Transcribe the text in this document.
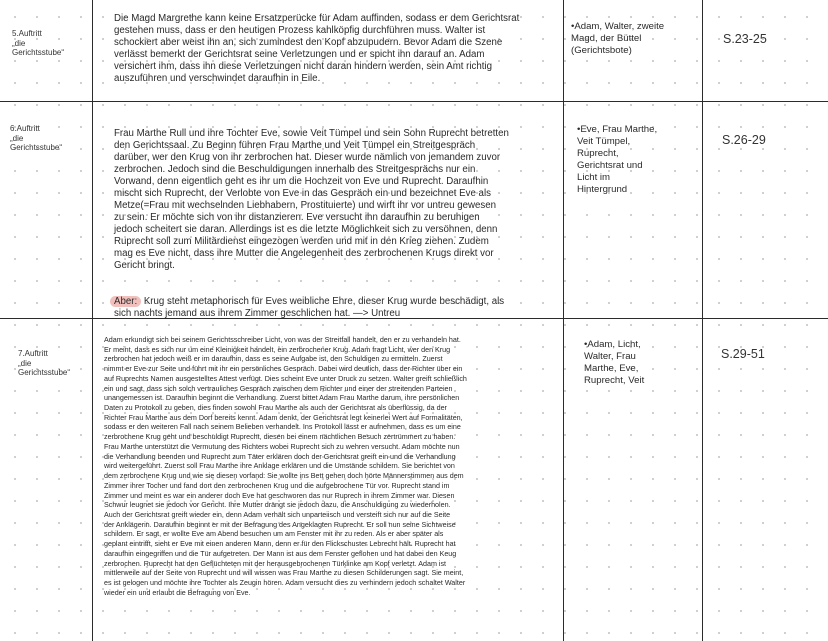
5.Auftritt
„die
Gerichtsstube“
Die Magd Margrethe kann keine Ersatzperücke für Adam auffinden, sodass er dem Gerichtsrat
gestehen muss, dass er den heutigen Prozess kahlköpfig durchführen muss. Walter ist
schockiert aber weist ihn an, sich zumindest den Kopf abzupudern. Bevor Adam die Szene
verlässt bemerkt der Gerichtsrat seine Verletzungen und er spicht ihn darauf an. Adam
versichert ihm, dass ihn diese Verletzungen nicht daran hindern werden, sein Amt richtig
auszuführen und verschwindet daraufhin in Eile.
•Adam, Walter, zweite
Magd, der Büttel
(Gerichtsbote)
S.23-25
6.Auftritt
„die
Gerichtsstube“

Frau Marthe Rull und ihre Tochter Eve, sowie Veit Tümpel und sein Sohn Ruprecht betretten
den Gerichtssaal. Zu Beginn führen Frau Marthe und Veit Tümpel ein Streitgespräch
darüber, wer den Krug von ihr zerbrochen hat. Dieser wurde nämlich von jemandem zuvor
zerbrochen. Jedoch sind die Beschuldigungen innerhalb des Streitgesprächs nur ein
Vorwand, denn eigentlich geht es ihr um die Hochzeit von Eve und Ruprecht. Daraufhin
mischt sich Ruprecht, der Verlobte von Eve in das Gespräch ein und bezeichnet Eve als
Metze(=Frau mit wechselnden Liebhabern, Prostituierte) und wirft ihr vor untreu gewesen
zu sein. Er möchte sich von ihr distanzieren. Eve versucht ihn daraufhin zu beruhigen
jedoch scheitert sie daran. Allerdings ist es die letzte Möglichkeit sich zu versöhnen, denn
Ruprecht soll zum Militärdienst eingezogen werden und mit in den Krieg ziehen. Zudem
mag es Eve nicht, dass ihre Mutter die Angelegenheit des zerbrochenen Krugs direkt vor
Gericht bringt.

Aber: Krug steht metaphorisch für Eves weibliche Ehre, dieser Krug wurde beschädigt, als
sich nachts jemand aus ihrem Zimmer geschlichen hat. —> Untreu

•Eve, Frau Marthe,
Veit Tümpel,
Ruprecht,
Gerichtsrat und
Licht im
Hintergrund
S.26-29
7.Auftritt
„die
Gerichtsstube“
Adam erkundigt sich bei seinem Gerichtsschreiber Licht, von was der Streitfall handelt, den er zu verhandeln hat.
Er meint, dass es sich nur um eine Kleinigkeit handelt, ein zerbrochener Krug. Adam fragt Licht, wer den Krug
zerbrochen hat jedoch weiß er im daraufhin, dass es seine Aufgabe ist, den Schuldigen zu ermitteln. Zuerst
nimmt er Eve zur Seite und führt mit ihr ein persönliches Gespräch. Dabei wird deutlich, dass der Richter über ein
auf Ruprechts Namen ausgestelltes Attest verfügt. Dies scheint Eve unter Druck zu setzen. Walter greift schließlich
ein und sagt, dass sich solch vertrauliches Gespräch zwischen dem Richter und einer der streitenden Parteien
unangemessen ist. Daraufhin beginnt die Verhandlung. Zuerst bittet Adam Frau Marthe darum, ihre persönlichen
Daten zu Protokoll zu geben, dies finden sowohl Frau Marthe als auch der Gerichtsrat als überflüssig, da der
Richter Frau Marthe aus dem Dorf bereits kennt. Adam denkt, der Gerichtsrat legt keinerlei Wert auf Formalitäten,
sodass er den weiteren Fall nach seinem Belieben verhandelt. Ins Protokoll lässt er aufnehmen, dass es um eine
zerbrochene Krug geht und beschuldigt Ruprecht, diesen bei einem nächtlichen Besuch zertrümmert zu haben.
Frau Marthe unterstützt die Vermutung des Richters wobei Ruprecht sich zu wehren versucht. Adam möchte nun
die Verhandlung beenden und Ruprecht zum Täter erklären doch der Gerichtsrat greift ein und die Verhandlung
wird weitergeführt. Zuerst soll Frau Marthe ihre Anklage erklären und die Umstände schildern. Sie berichtet von
dem zerbrochene Krug und wie sie diesen vorfand: Sie wollte ins Bett gehen doch hörte Männerstimmen aus dem
Zimmer ihrer Tocher und fand dort den zerbrochenen Krug und die aufgebrochene Tür vor. Ruprecht stand im
Zimmer und meint es war ein anderer doch Eve hat geschworen das nur Ruprech in ihrem Zimmer war. Diesen
Schwur leugnet sie jedoch vor Gericht. Ihre Mutter drängt sie jedoch dazu, die Anschuldigung zu wiederholen.
Auch der Gerichtsrat greift wieder ein, denn Adam verhält sich unparteiisch und versteift sich nur auf die Seite
der Anklägerin. Daraufhin beginnt er mit der Befragung des Angeklagten Ruprecht. Er soll nun seine Sichtweise
schildern. Er sagt, er wollte Eve am Abend besuchen um am Fenster mit ihr zu reden. Als er aber später als
geplant eintrifft, sieht er Eve mit einen anderen Mann, denn er für den Flickschuster Lebrecht hält. Ruprecht hat
daraufhin eingegriffen und die Tür aufgetreten. Der Mann ist aus dem Fenster geflohen und hat dabei den Keug
zerbrochen. Ruprecht hat den Geflüchteten mit der herausgebrochenen Türklinke am Kopf verletzt. Adam ist
mittlerweile auf der Seite von Ruprecht und will wissen was Frau Marthe zu diesen Schilderungen sagt. Sie meint,
es ist gelogen und möchte ihre Tochter als Zeugin hören. Adam versucht dies zu verhindern jedoch schaltet Walter
wieder ein und erlaubt die Befragung von Eve.
•Adam, Licht,
Walter, Frau
Marthe, Eve,
Ruprecht, Veit
S.29-51
